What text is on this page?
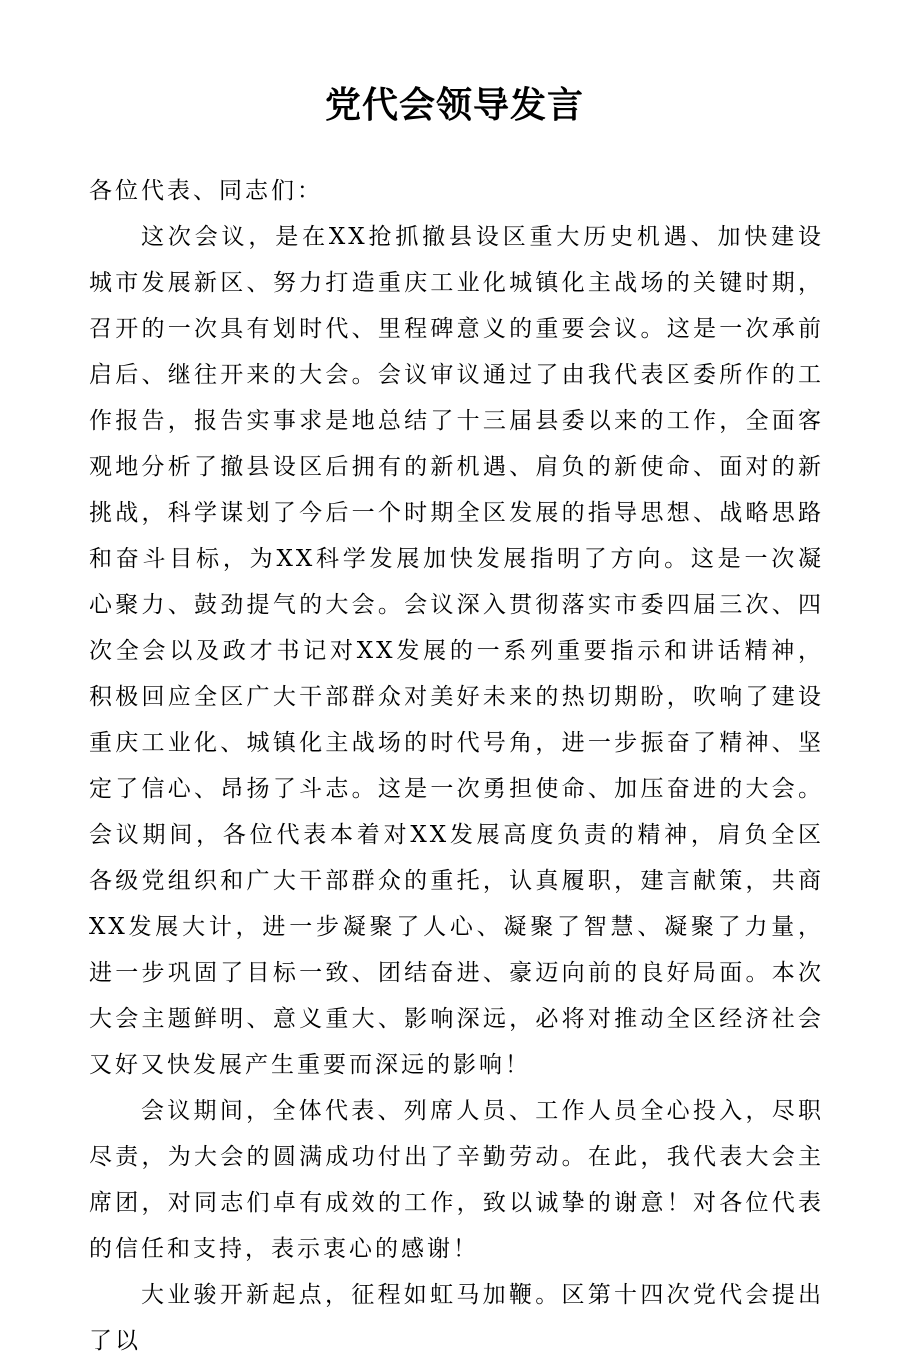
党代会领导发言

各位代表、同志们：

这次会议，是在XX抢抓撤县设区重大历史机遇、加快建设城市发展新区、努力打造重庆工业化城镇化主战场的关键时期，召开的一次具有划时代、里程碑意义的重要会议。这是一次承前启后、继往开来的大会。会议审议通过了由我代表区委所作的工作报告，报告实事求是地总结了十三届县委以来的工作，全面客观地分析了撤县设区后拥有的新机遇、肩负的新使命、面对的新挑战，科学谋划了今后一个时期全区发展的指导思想、战略思路和奋斗目标，为XX科学发展加快发展指明了方向。这是一次凝心聚力、鼓劲提气的大会。会议深入贯彻落实市委四届三次、四次全会以及政才书记对XX发展的一系列重要指示和讲话精神，积极回应全区广大干部群众对美好未来的热切期盼，吹响了建设重庆工业化、城镇化主战场的时代号角，进一步振奋了精神、坚定了信心、昂扬了斗志。这是一次勇担使命、加压奋进的大会。会议期间，各位代表本着对XX发展高度负责的精神，肩负全区各级党组织和广大干部群众的重托，认真履职，建言献策，共商XX发展大计，进一步凝聚了人心、凝聚了智慧、凝聚了力量，进一步巩固了目标一致、团结奋进、豪迈向前的良好局面。本次大会主题鲜明、意义重大、影响深远，必将对推动全区经济社会又好又快发展产生重要而深远的影响！

会议期间，全体代表、列席人员、工作人员全心投入，尽职尽责，为大会的圆满成功付出了辛勤劳动。在此，我代表大会主席团，对同志们卓有成效的工作，致以诚挚的谢意！对各位代表的信任和支持，表示衷心的感谢！

大业骏开新起点，征程如虹马加鞭。区第十四次党代会提出了以
